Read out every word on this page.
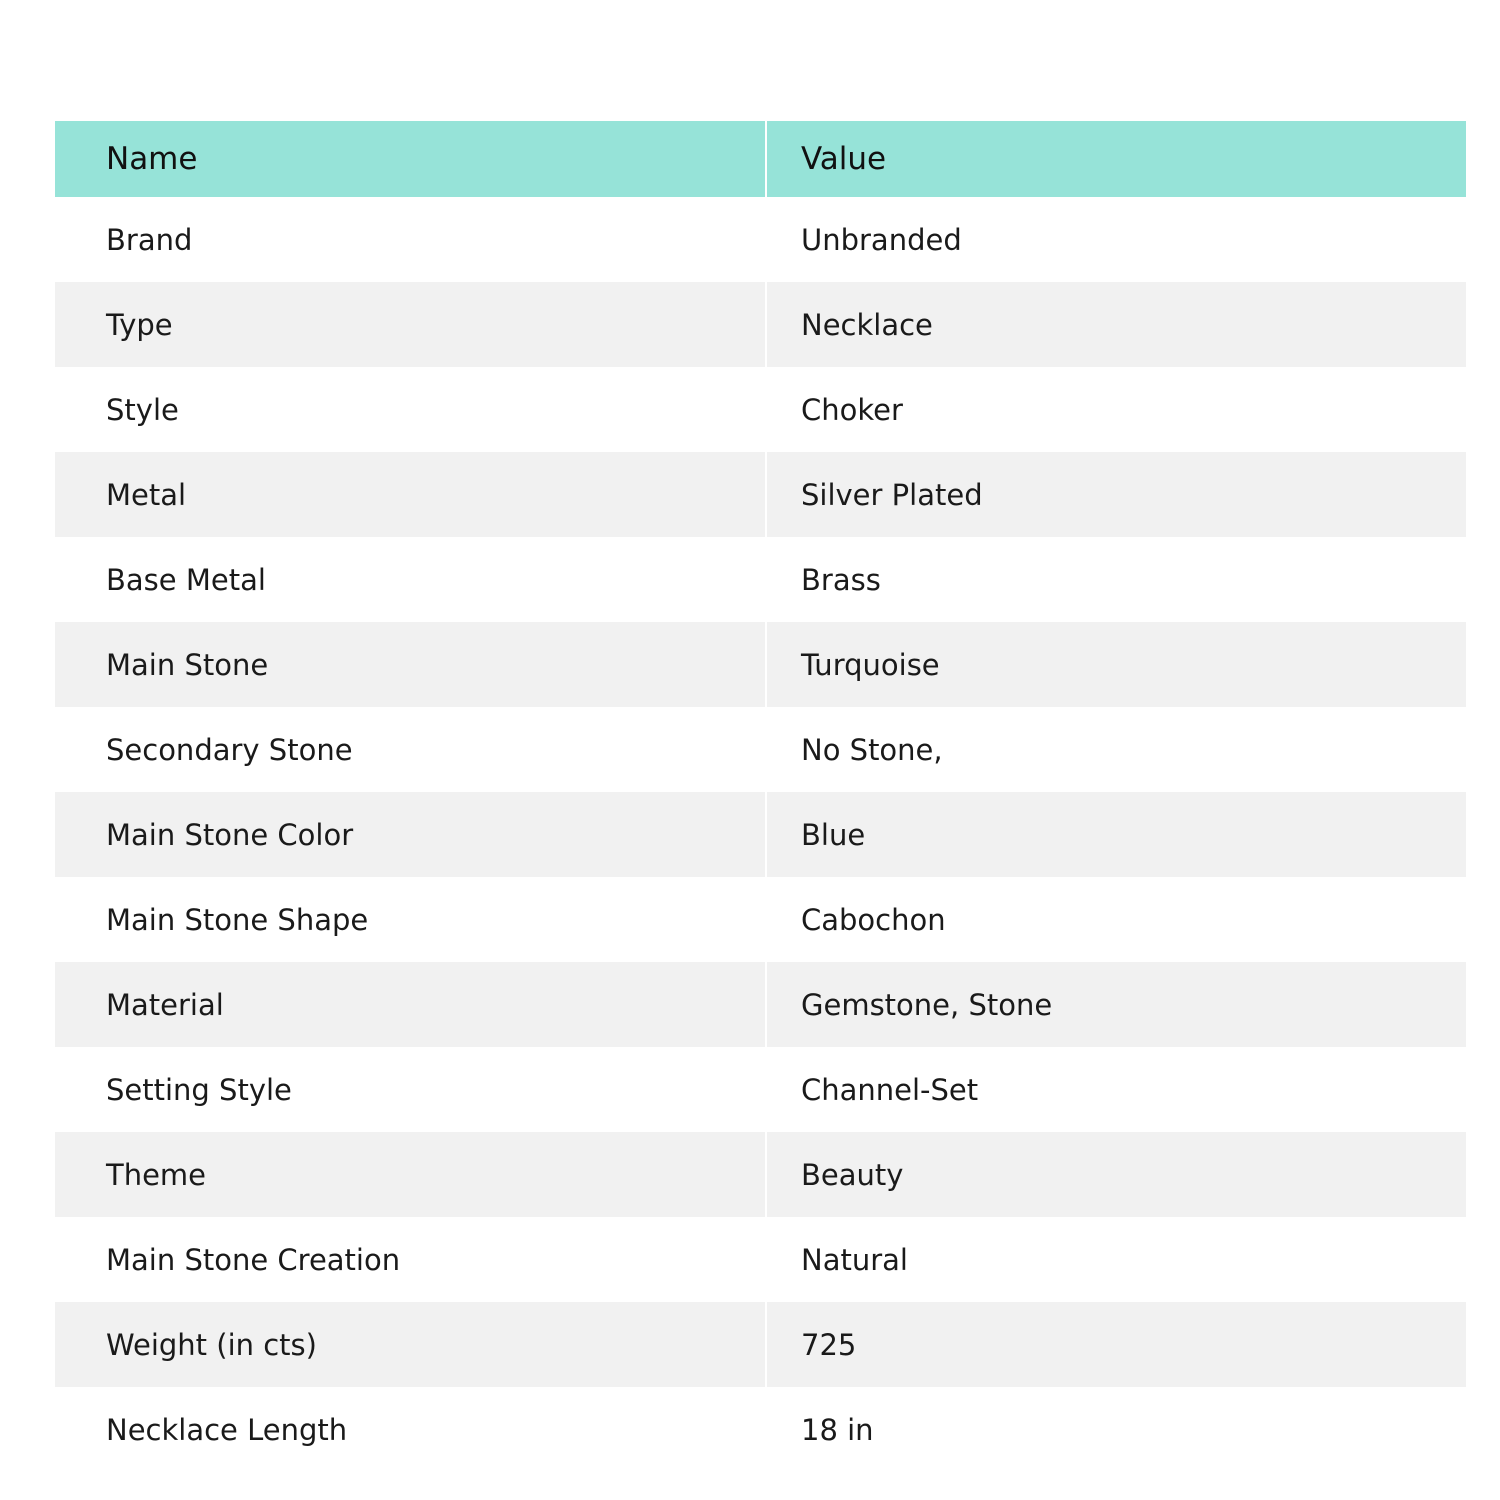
Name	Value
Brand	Unbranded
Type	Necklace
Style	Choker
Metal	Silver Plated
Base Metal	Brass
Main Stone	Turquoise
Secondary Stone	No Stone,
Main Stone Color	Blue
Main Stone Shape	Cabochon
Material	Gemstone, Stone
Setting Style	Channel-Set
Theme	Beauty
Main Stone Creation	Natural
Weight (in cts)	725
Necklace Length	18 in
